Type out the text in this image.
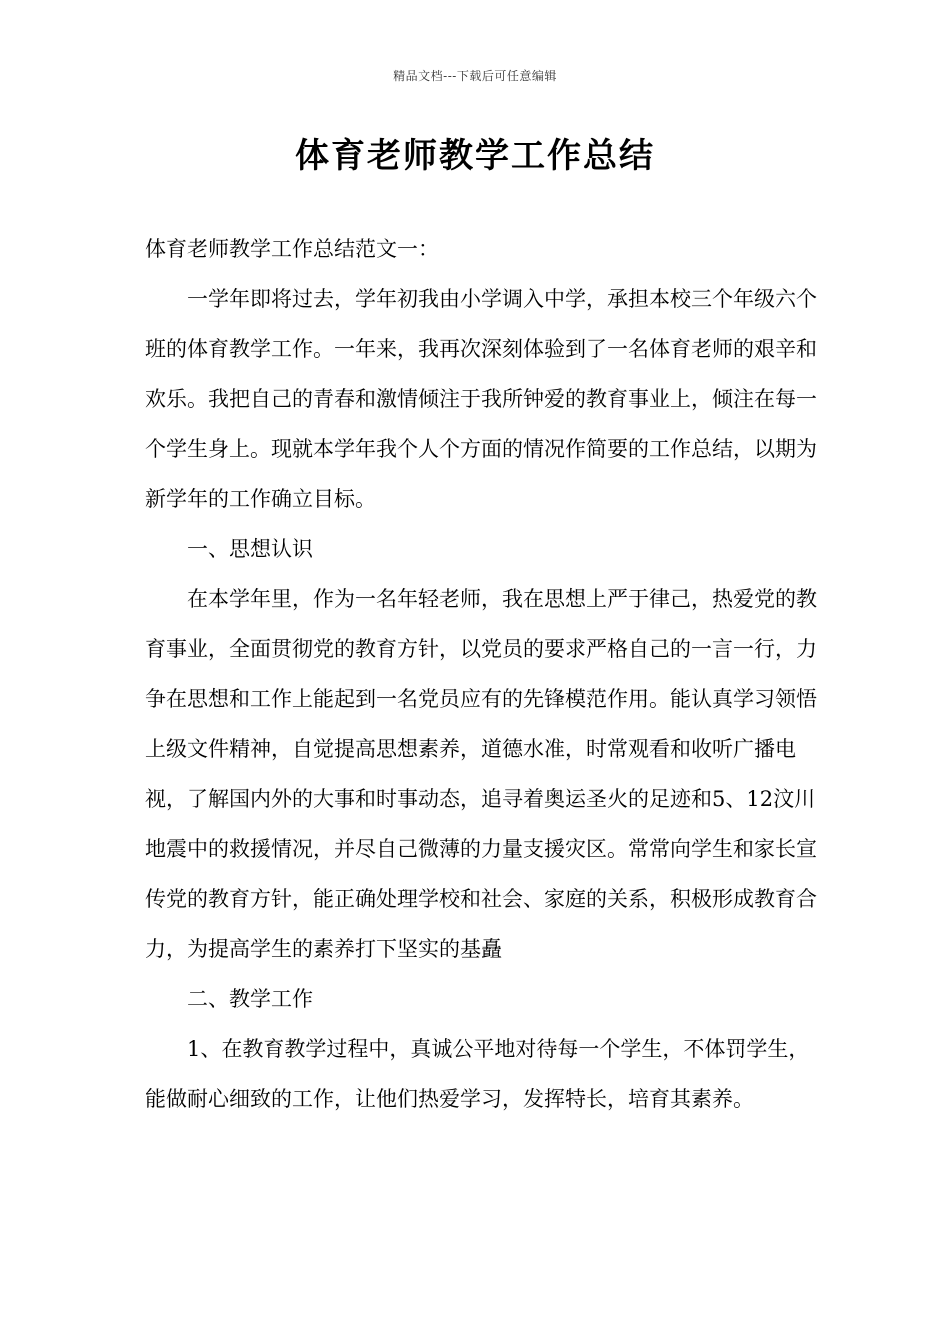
精品文档---下载后可任意编辑
体育老师教学工作总结

体育老师教学工作总结范文一：

一学年即将过去，学年初我由小学调入中学，承担本校三个年级六个班的体育教学工作。一年来，我再次深刻体验到了一名体育老师的艰辛和欢乐。我把自己的青春和激情倾注于我所钟爱的教育事业上，倾注在每一个学生身上。现就本学年我个人个方面的情况作简要的工作总结，以期为新学年的工作确立目标。

一、思想认识

在本学年里，作为一名年轻老师，我在思想上严于律己，热爱党的教育事业，全面贯彻党的教育方针，以党员的要求严格自己的一言一行，力争在思想和工作上能起到一名党员应有的先锋模范作用。能认真学习领悟上级文件精神，自觉提高思想素养，道德水准，时常观看和收听广播电视，了解国内外的大事和时事动态，追寻着奥运圣火的足迹和5、12汶川地震中的救援情况，并尽自己微薄的力量支援灾区。常常向学生和家长宣传党的教育方针，能正确处理学校和社会、家庭的关系，积极形成教育合力，为提高学生的素养打下坚实的基矗

二、教学工作

1、在教育教学过程中，真诚公平地对待每一个学生，不体罚学生，能做耐心细致的工作，让他们热爱学习，发挥特长，培育其素养。
